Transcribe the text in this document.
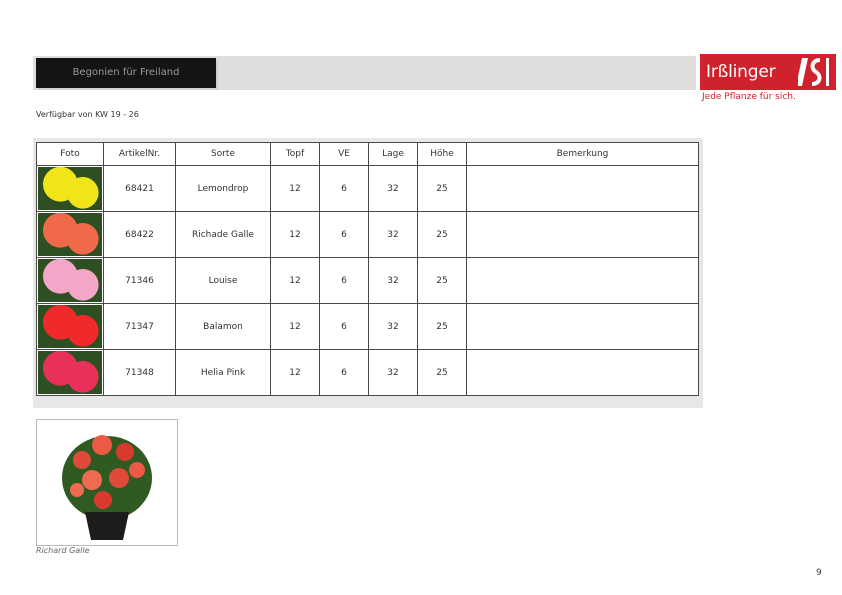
Begonien für Freiland	Irßlinger
Jede Pflanze für sich.
Verfügbar von KW 19 - 26
Foto	ArtikelNr.	Sorte	Topf	VE	Lage	Höhe	Bemerkung

	68421	Lemondrop	12	6	32	25	

	68422	Richade Galle	12	6	32	25	

	71346	Louise	12	6	32	25	

	71347	Balamon	12	6	32	25	

	71348	Helia Pink	12	6	32	25	
Richard Galle
9
